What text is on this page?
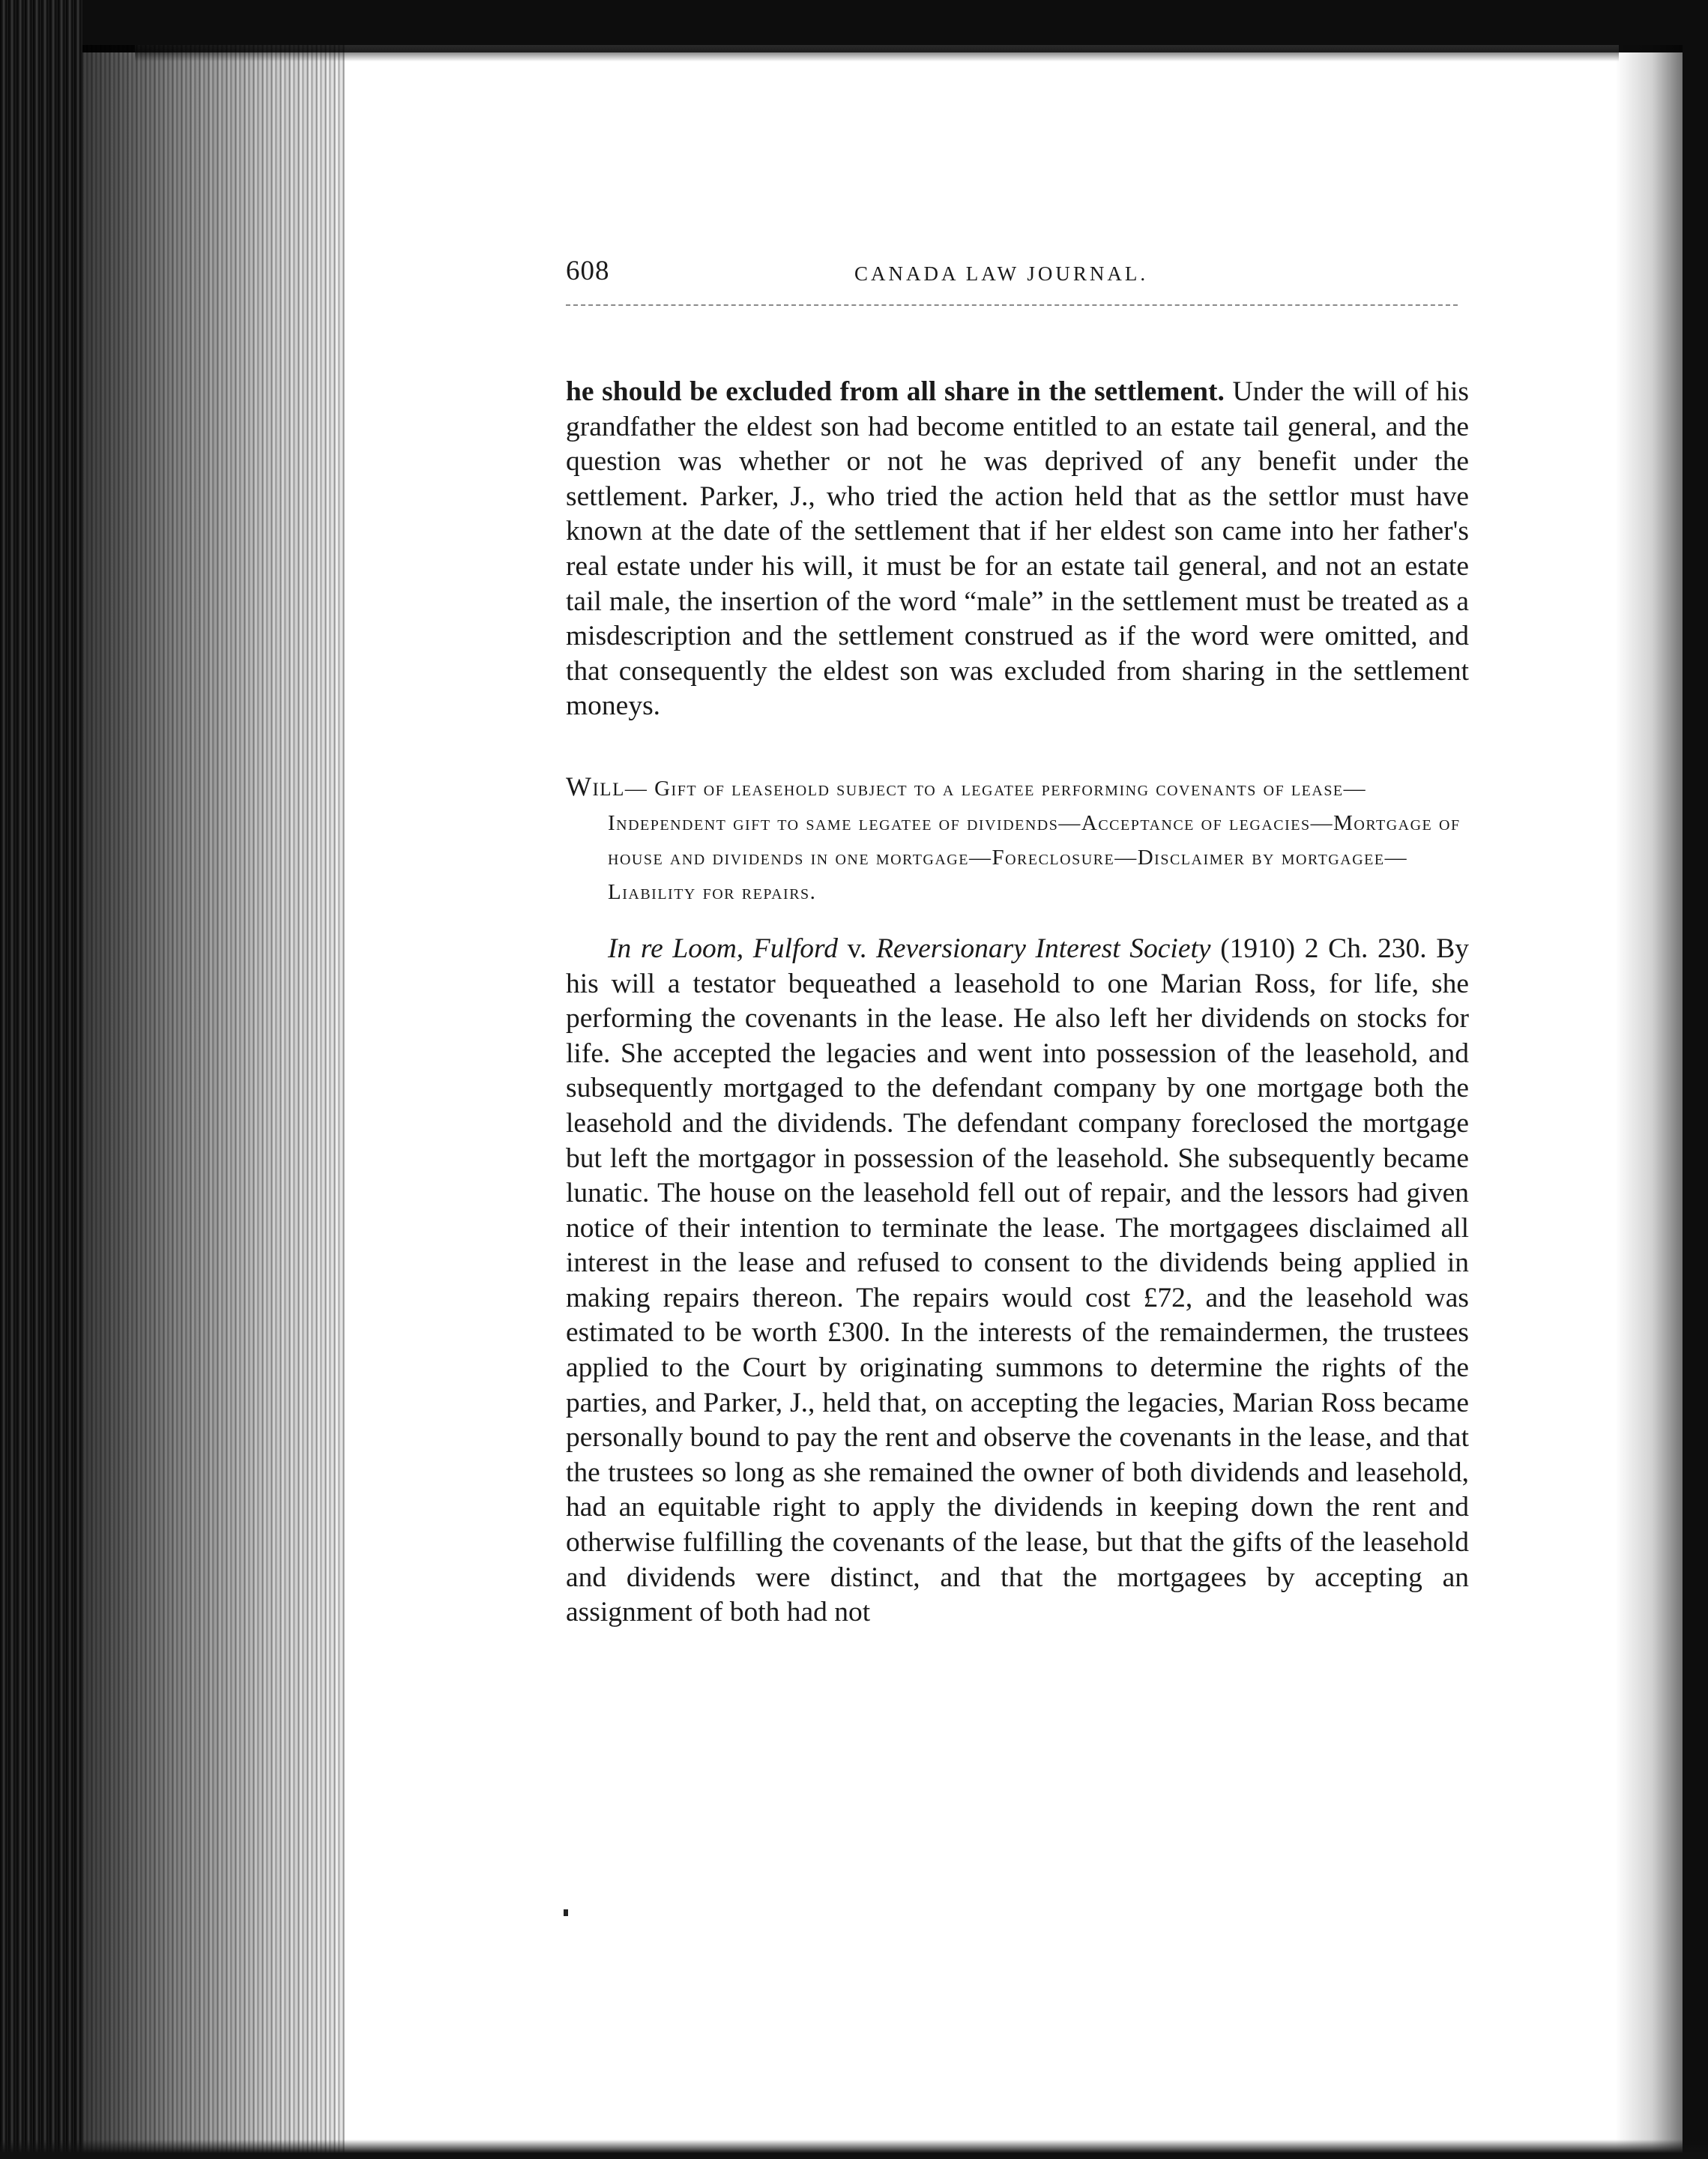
608	CANADA LAW JOURNAL.

he should be excluded from all share in the settlement. Under the will of his grandfather the eldest son had become entitled to an estate tail general, and the question was whether or not he was deprived of any benefit under the settlement. Parker, J., who tried the action held that as the settlor must have known at the date of the settlement that if her eldest son came into her father's real estate under his will, it must be for an estate tail general, and not an estate tail male, the insertion of the word “male” in the settlement must be treated as a misdescription and the settlement construed as if the word were omitted, and that consequently the eldest son was excluded from sharing in the settlement moneys.

Will— Gift of leasehold subject to a legatee performing covenants of lease—Independent gift to same legatee of dividends—Acceptance of legacies—Mortgage of house and dividends in one mortgage—Foreclosure—Disclaimer by mortgagee—Liability for repairs.

In re Loom, Fulford v. Reversionary Interest Society (1910) 2 Ch. 230. By his will a testator bequeathed a leasehold to one Marian Ross, for life, she performing the covenants in the lease. He also left her dividends on stocks for life. She accepted the legacies and went into possession of the leasehold, and subsequently mortgaged to the defendant company by one mortgage both the leasehold and the dividends. The defendant company foreclosed the mortgage but left the mortgagor in possession of the leasehold. She subsequently became lunatic. The house on the leasehold fell out of repair, and the lessors had given notice of their intention to terminate the lease. The mortgagees disclaimed all interest in the lease and refused to consent to the dividends being applied in making repairs thereon. The repairs would cost £72, and the leasehold was estimated to be worth £300. In the interests of the remaindermen, the trustees applied to the Court by originating summons to determine the rights of the parties, and Parker, J., held that, on accepting the legacies, Marian Ross became personally bound to pay the rent and observe the covenants in the lease, and that the trustees so long as she remained the owner of both dividends and leasehold, had an equitable right to apply the dividends in keeping down the rent and otherwise fulfilling the covenants of the lease, but that the gifts of the leasehold and dividends were distinct, and that the mortgagees by accepting an assignment of both had not
